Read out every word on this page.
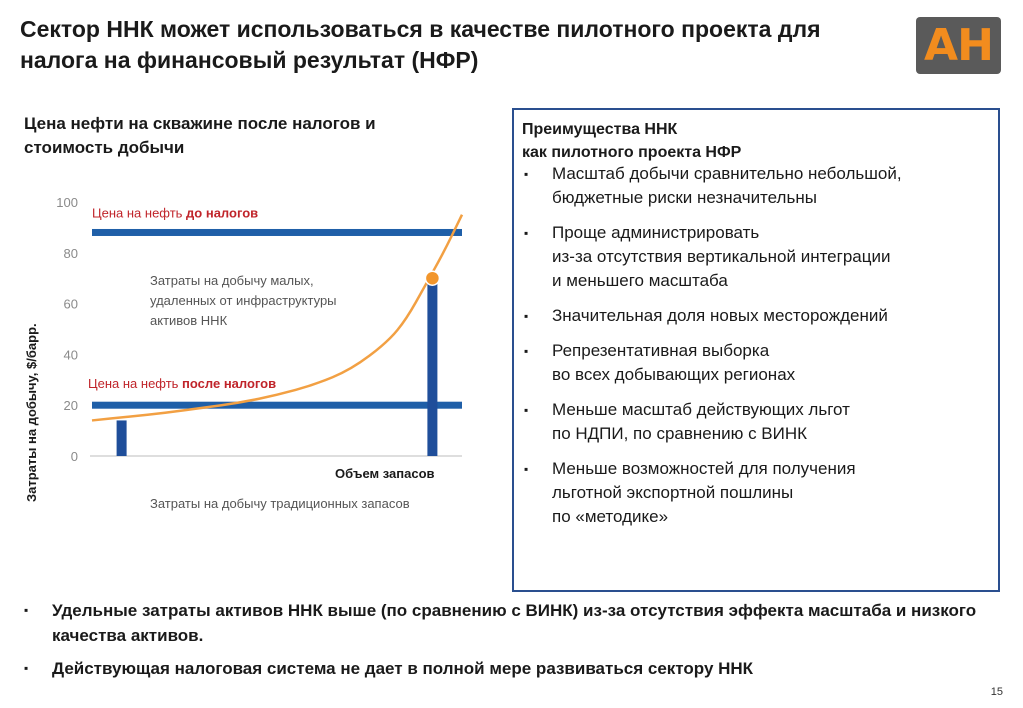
Сектор ННК может использоваться в качестве пилотного проекта для налога на финансовый результат (НФР)	AH
Цена нефти на скважине после налогов и стоимость добычи
0
20
40
60
80
100
Затраты на добычу, $/барр.
Цена на нефть до налогов
Цена на нефть после налогов
Затраты на добычу малых, удаленных от инфраструктуры активов ННК
Объем запасов
Затраты на добычу традиционных запасов
Преимущества ННК
как пилотного проекта НФР
▪ Масштаб добычи сравнительно небольшой,
бюджетные риски незначительны
▪ Проще администрировать
из-за отсутствия вертикальной интеграции
и меньшего масштаба
▪ Значительная доля новых месторождений
▪ Репрезентативная выборка
во всех добывающих регионах
▪ Меньше масштаб действующих льгот
по НДПИ, по сравнению с ВИНК
▪ Меньше возможностей для получения
льготной экспортной пошлины
по «методике»
▪ Удельные затраты активов ННК выше (по сравнению с ВИНК) из-за отсутствия эффекта масштаба и низкого качества активов.
▪ Действующая налоговая система не дает в полной мере развиваться сектору ННК
15
